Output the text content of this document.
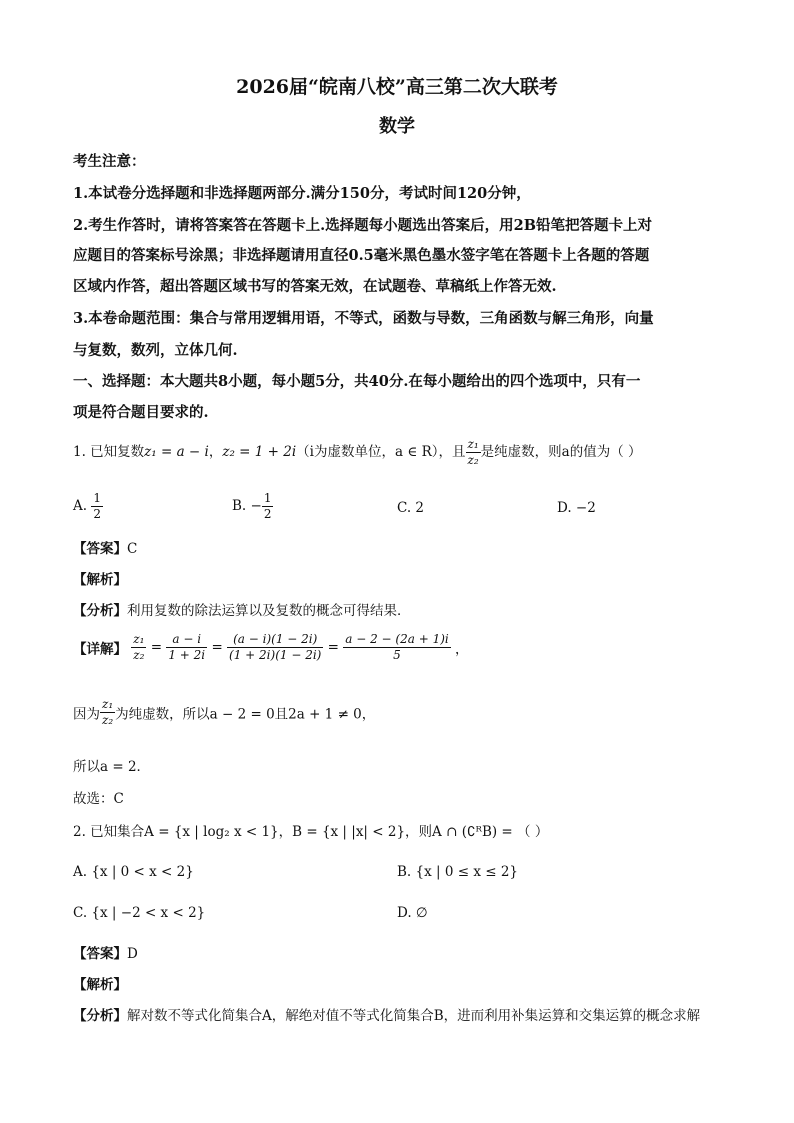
2026届“皖南八校”高三第二次大联考
数学
考生注意：
1.本试卷分选择题和非选择题两部分.满分150分，考试时间120分钟，
2.考生作答时，请将答案答在答题卡上.选择题每小题选出答案后，用2B铅笔把答题卡上对
应题目的答案标号涂黑；非选择题请用直径0.5毫米黑色墨水签字笔在答题卡上各题的答题
区域内作答，超出答题区域书写的答案无效，在试题卷、草稿纸上作答无效.
3.本卷命题范围：集合与常用逻辑用语，不等式，函数与导数，三角函数与解三角形，向量
与复数，数列，立体几何.
一、选择题：本大题共8小题，每小题5分，共40分.在每小题给出的四个选项中，只有一
项是符合题目要求的.
1. 已知复数z₁ = a − i，z₂ = 1 + 2i（i为虚数单位，a ∈ R），且 $\frac{\text{z₁}}{\text{z₂}}$ 是纯虚数，则a的值为（ ）
A. $\frac{1}{2}$	B. − $\frac{1}{2}$	C. 2	D. −2
【答案】C
【解析】
【分析】利用复数的除法运算以及复数的概念可得结果．
【详解】 $\frac{\text{z₁}}{\text{z₂}} = \frac{a - i}{1 + 2i} = \frac{(a - i)(1 - 2i)}{(1 + 2i)(1 - 2i)} = \frac{a - 2 - (2a + 1)i}{5}$ ，
因为 $\frac{\text{z₁}}{\text{z₂}}$ 为纯虚数，所以a − 2 = 0且2a + 1 ≠ 0，
所以a = 2．
故选：C
2. 已知集合A = {x | log₂ x < 1}，B = {x | |x| < 2}，则A ∩ (∁ᴿB) = （ ）
A. {x | 0 < x < 2}	B. {x | 0 ≤ x ≤ 2}
C. {x | −2 < x < 2}	D. ∅
【答案】D
【解析】
【分析】解对数不等式化简集合A，解绝对值不等式化简集合B，进而利用补集运算和交集运算的概念求解
